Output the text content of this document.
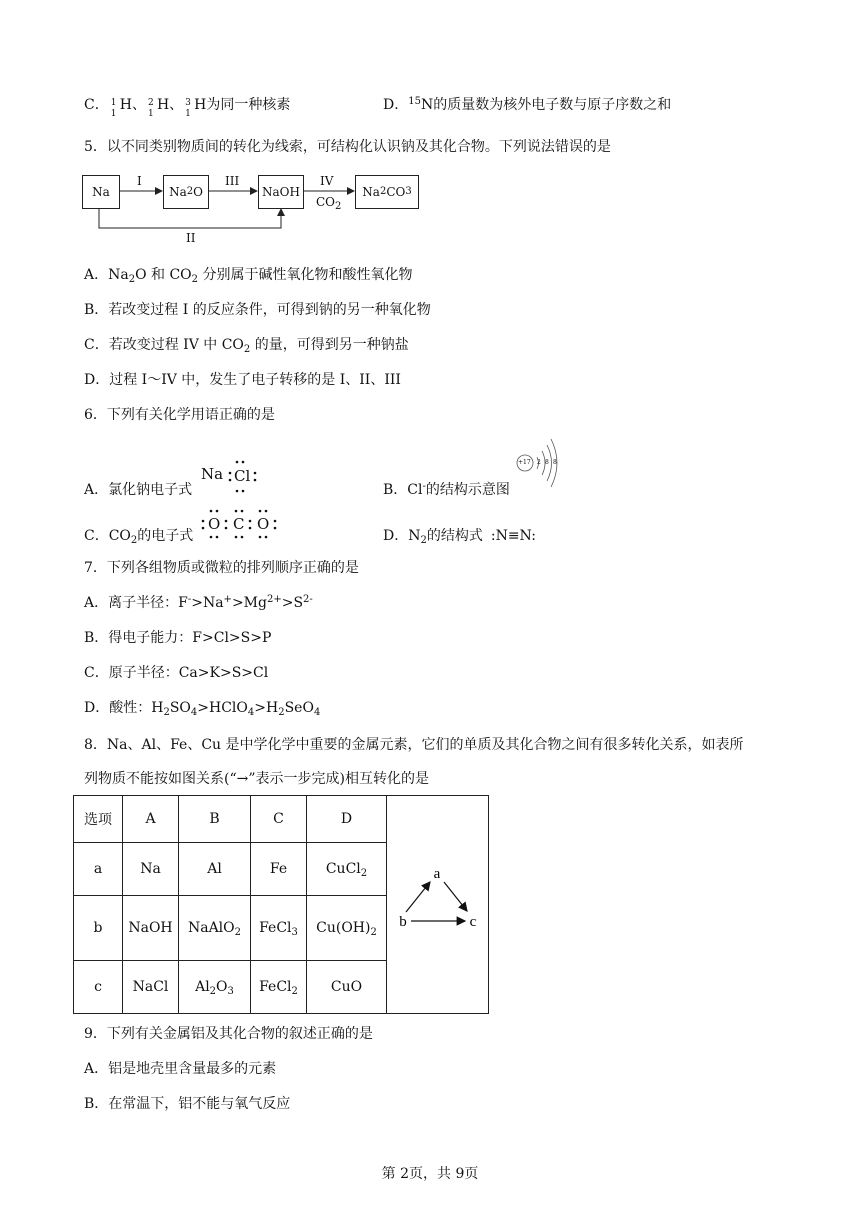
C． 1
1
H、 2
1
H、 3
1
H为同一种核素	D．$^{15}$N的质量数为核外电子数与原子序数之和
5．以不同类别物质间的转化为线索，可结构化认识钠及其化合物。下列说法错误的是
Na	Na 2 O	NaOH	Na 2 CO 3
I	III	IV
$CO_2$
II
A．$Na_2O$ 和 $CO_2$ 分别属于碱性氧化物和酸性氧化物
B．若改变过程 I 的反应条件，可得到钠的另一种氧化物
C．若改变过程 IV 中 $CO_2$ 的量，可得到另一种钠盐
D．过程 I～IV 中，发生了电子转移的是 I、II、III
6．下列有关化学用语正确的是
A．氯化钠电子式
Na Cl
B．Cl-的结构示意图
+17 2 8 8
C．$CO_2$的电子式
O C O
D．$N_2$的结构式 :N≡N:
7．下列各组物质或微粒的排列顺序正确的是
A．离子半径：$F^->Na^+>Mg^{2+}>S^{2-}$
B．得电子能力：F>Cl>S>P
C．原子半径：Ca>K>S>Cl
D．酸性：$H_2SO_4>HClO_4>H_2SeO_4$
8．Na、Al、Fe、Cu 是中学化学中重要的金属元素，它们的单质及其化合物之间有很多转化关系，如表所
列物质不能按如图关系(“→”表示一步完成)相互转化的是
选项	A	B	C	D	a
b c

a	Na	Al	Fe	CuCl$_2$
b	NaOH	NaAlO$_2$	FeCl$_3$	$Cu(OH)_2$
c	NaCl	$Al_2O_3$	FeCl$_2$	CuO	
9．下列有关金属铝及其化合物的叙述正确的是
A．铝是地壳里含量最多的元素
B．在常温下，铝不能与氧气反应
第 2页，共 9页
